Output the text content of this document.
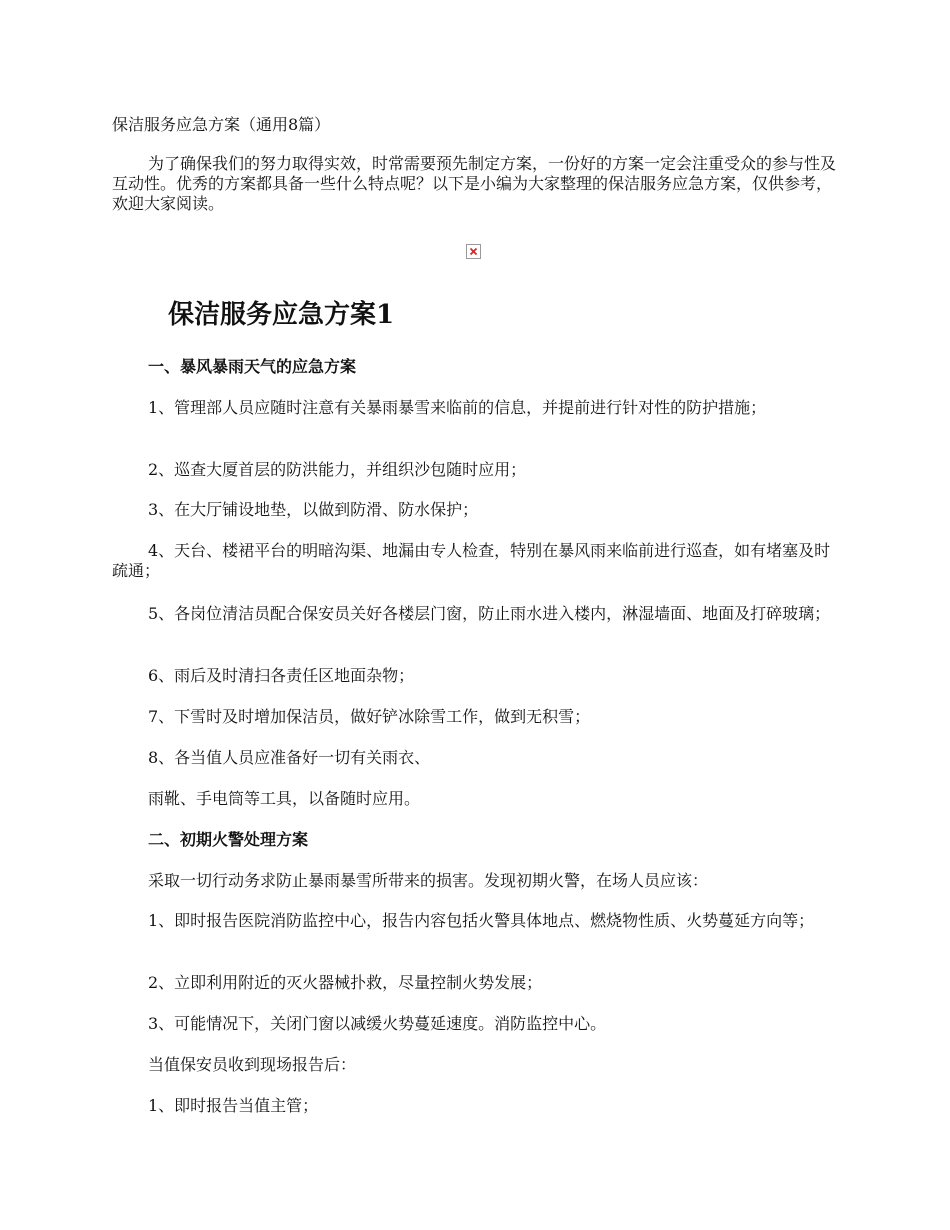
保洁服务应急方案（通用8篇）

为了确保我们的努力取得实效，时常需要预先制定方案，一份好的方案一定会注重受众的参与性及互动性。优秀的方案都具备一些什么特点呢？以下是小编为大家整理的保洁服务应急方案，仅供参考，欢迎大家阅读。

保洁服务应急方案1

一、暴风暴雨天气的应急方案

1、管理部人员应随时注意有关暴雨暴雪来临前的信息，并提前进行针对性的防护措施；

2、巡查大厦首层的防洪能力，并组织沙包随时应用；

3、在大厅铺设地垫，以做到防滑、防水保护；

4、天台、楼裙平台的明暗沟渠、地漏由专人检查，特别在暴风雨来临前进行巡查，如有堵塞及时疏通；

5、各岗位清洁员配合保安员关好各楼层门窗，防止雨水进入楼内，淋湿墙面、地面及打碎玻璃；

6、雨后及时清扫各责任区地面杂物；

7、下雪时及时增加保洁员，做好铲冰除雪工作，做到无积雪；

8、各当值人员应准备好一切有关雨衣、

雨靴、手电筒等工具，以备随时应用。

二、初期火警处理方案

采取一切行动务求防止暴雨暴雪所带来的损害。发现初期火警，在场人员应该：

1、即时报告医院消防监控中心，报告内容包括火警具体地点、燃烧物性质、火势蔓延方向等；

2、立即利用附近的灭火器械扑救，尽量控制火势发展；

3、可能情况下，关闭门窗以减缓火势蔓延速度。消防监控中心。

当值保安员收到现场报告后：

1、即时报告当值主管；
